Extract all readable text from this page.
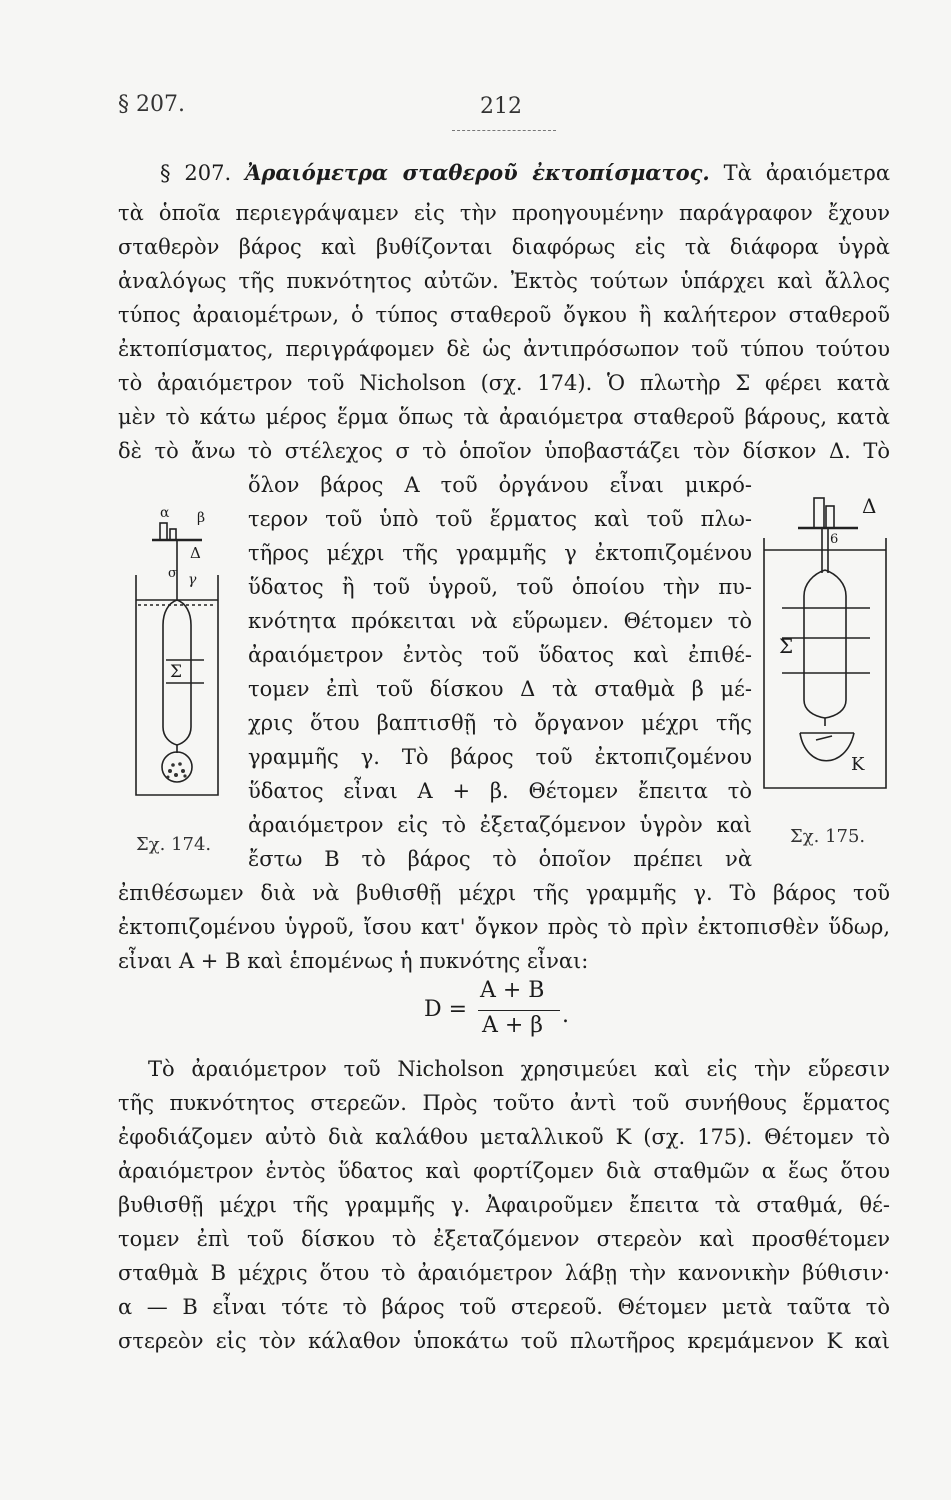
§ 207.	212
§ 207. Ἀραιόμετρα σταθεροῦ ἐκτοπίσματος. Τὰ ἀραιόμετρα
τὰ ὁποῖα περιεγράψαμεν εἰς τὴν προηγουμένην παράγραφον ἔχουν
σταθερὸν βάρος καὶ βυθίζονται διαφόρως εἰς τὰ διάφορα ὑγρὰ
ἀναλόγως τῆς πυκνότητος αὐτῶν. Ἐκτὸς τούτων ὑπάρχει καὶ ἄλλος
τύπος ἀραιομέτρων, ὁ τύπος σταθεροῦ ὄγκου ἢ καλήτερον σταθεροῦ
ἐκτοπίσματος, περιγράφομεν δὲ ὡς ἀντιπρόσωπον τοῦ τύπου τούτου
τὸ ἀραιόμετρον τοῦ Nicholson (σχ. 174). Ὁ πλωτὴρ Σ φέρει κατὰ
μὲν τὸ κάτω μέρος ἕρμα ὅπως τὰ ἀραιόμετρα σταθεροῦ βάρους, κατὰ
δὲ τὸ ἄνω τὸ στέλεχος σ τὸ ὁποῖον ὑποβαστάζει τὸν δίσκον Δ. Τὸ
ὅλον βάρος Α τοῦ ὀργάνου εἶναι μικρό-
τερον τοῦ ὑπὸ τοῦ ἕρματος καὶ τοῦ πλω-
τῆρος μέχρι τῆς γραμμῆς γ ἐκτοπιζομένου
ὕδατος ἢ τοῦ ὑγροῦ, τοῦ ὁποίου τὴν πυ-
κνότητα πρόκειται νὰ εὕρωμεν. Θέτομεν τὸ
ἀραιόμετρον ἐντὸς τοῦ ὕδατος καὶ ἐπιθέ-
τομεν ἐπὶ τοῦ δίσκου Δ τὰ σταθμὰ β μέ-
χρις ὅτου βαπτισθῇ τὸ ὄργανον μέχρι τῆς
γραμμῆς γ. Τὸ βάρος τοῦ ἐκτοπιζομένου
ὕδατος εἶναι Α + β. Θέτομεν ἔπειτα τὸ
ἀραιόμετρον εἰς τὸ ἐξεταζόμενον ὑγρὸν καὶ
ἔστω Β τὸ βάρος τὸ ὁποῖον πρέπει νὰ
α β
Δ
σ γ
Σ
Σχ. 174.
Δ
6
Σ
Κ
Σχ. 175.
ἐπιθέσωμεν διὰ νὰ βυθισθῇ μέχρι τῆς γραμμῆς γ. Τὸ βάρος τοῦ
ἐκτοπιζομένου ὑγροῦ, ἴσου κατ' ὄγκον πρὸς τὸ πρὶν ἐκτοπισθὲν ὕδωρ,
εἶναι Α + Β καὶ ἑπομένως ἡ πυκνότης εἶναι:
D =
Α + Β
Α + β .
Τὸ ἀραιόμετρον τοῦ Nicholson χρησιμεύει καὶ εἰς τὴν εὕρεσιν
τῆς πυκνότητος στερεῶν. Πρὸς τοῦτο ἀντὶ τοῦ συνήθους ἕρματος
ἐφοδιάζομεν αὐτὸ διὰ καλάθου μεταλλικοῦ Κ (σχ. 175). Θέτομεν τὸ
ἀραιόμετρον ἐντὸς ὕδατος καὶ φορτίζομεν διὰ σταθμῶν α ἕως ὅτου
βυθισθῇ μέχρι τῆς γραμμῆς γ. Ἀφαιροῦμεν ἔπειτα τὰ σταθμά, θέ-
τομεν ἐπὶ τοῦ δίσκου τὸ ἐξεταζόμενον στερεὸν καὶ προσθέτομεν
σταθμὰ Β μέχρις ὅτου τὸ ἀραιόμετρον λάβῃ τὴν κανονικὴν βύθισιν·
α — Β εἶναι τότε τὸ βάρος τοῦ στερεοῦ. Θέτομεν μετὰ ταῦτα τὸ
στερεὸν εἰς τὸν κάλαθον ὑποκάτω τοῦ πλωτῆρος κρεμάμενον Κ καὶ
